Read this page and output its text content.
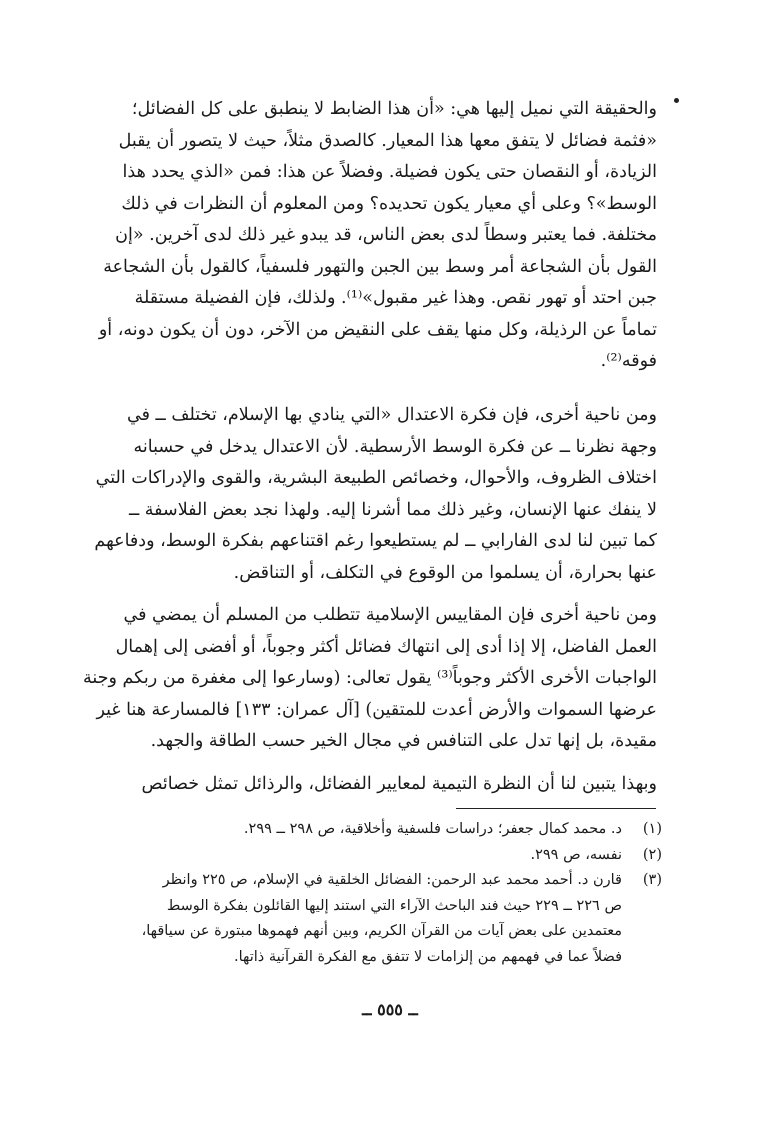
والحقيقة التي نميل إليها هي: «أن هذا الضابط لا ينطبق على كل الفضائل؛
«فثمة فضائل لا يتفق معها هذا المعيار. كالصدق مثلاً، حيث لا يتصور أن يقبل
الزيادة، أو النقصان حتى يكون فضيلة. وفضلاً عن هذا: فمن «الذي يحدد هذا
الوسط»؟ وعلى أي معيار يكون تحديده؟ ومن المعلوم أن النظرات في ذلك
مختلفة. فما يعتبر وسطاً لدى بعض الناس، قد يبدو غير ذلك لدى آخرين. «إن
القول بأن الشجاعة أمر وسط بين الجبن والتهور فلسفياً، كالقول بأن الشجاعة
جبن احتد أو تهور نقص. وهذا غير مقبول»⁽¹⁾. ولذلك، فإن الفضيلة مستقلة
تماماً عن الرذيلة، وكل منها يقف على النقيض من الآخر، دون أن يكون دونه، أو
فوقه⁽²⁾.

ومن ناحية أخرى، فإن فكرة الاعتدال «التي ينادي بها الإسلام، تختلف ــ في
وجهة نظرنا ــ عن فكرة الوسط الأرسطية. لأن الاعتدال يدخل في حسبانه
اختلاف الظروف، والأحوال، وخصائص الطبيعة البشرية، والقوى والإدراكات التي
لا ينفك عنها الإنسان، وغير ذلك مما أشرنا إليه. ولهذا نجد بعض الفلاسفة ــ
كما تبين لنا لدى الفارابي ــ لم يستطيعوا رغم اقتناعهم بفكرة الوسط، ودفاعهم
عنها بحرارة، أن يسلموا من الوقوع في التكلف، أو التناقض.

ومن ناحية أخرى فإن المقاييس الإسلامية تتطلب من المسلم أن يمضي في
العمل الفاضل، إلا إذا أدى إلى انتهاك فضائل أكثر وجوباً، أو أفضى إلى إهمال
الواجبات الأخرى الأكثر وجوباً⁽³⁾ يقول تعالى: (وسارعوا إلى مغفرة من ربكم وجنة
عرضها السموات والأرض أعدت للمتقين) [آل عمران: ١٣٣] فالمسارعة هنا غير
مقيدة، بل إنها تدل على التنافس في مجال الخير حسب الطاقة والجهد.

وبهذا يتبين لنا أن النظرة التيمية لمعايير الفضائل، والرذائل تمثل خصائص

(١)
د. محمد كمال جعفر؛ دراسات فلسفية وأخلاقية، ص ٢٩٨ ــ ٢٩٩.
(٢)
نفسه، ص ٢٩٩.
(٣)
قارن د. أحمد محمد عبد الرحمن: الفضائل الخلقية في الإسلام، ص ٢٢٥ وانظر
ص ٢٢٦ ــ ٢٢٩ حيث فند الباحث الآراء التي استند إليها القائلون بفكرة الوسط
معتمدين على بعض آيات من القرآن الكريم، وبين أنهم فهموها مبتورة عن سياقها،
فضلاً عما في فهمهم من إلزامات لا تتفق مع الفكرة القرآنية ذاتها.
ــ ٥٥٥ ــ
